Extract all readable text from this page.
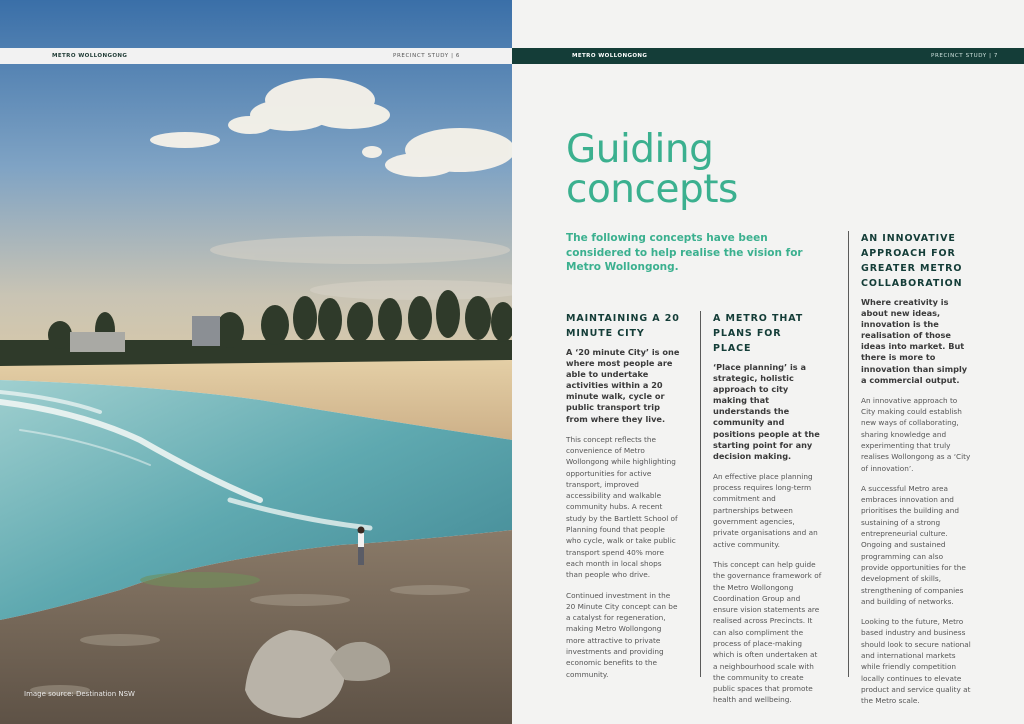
METRO WOLLONGONG	PRECINCT STUDY | 6
Image source: Destination NSW
METRO WOLLONGONG	PRECINCT STUDY | 7
Guiding
concepts

The following concepts have been considered to help realise the vision for Metro Wollongong.

MAINTAINING A 20 MINUTE CITY

A ‘20 minute City’ is one where most people are able to undertake activities within a 20 minute walk, cycle or public transport trip from where they live.

This concept reflects the convenience of Metro Wollongong while highlighting opportunities for active transport, improved accessibility and walkable community hubs. A recent study by the Bartlett School of Planning found that people who cycle, walk or take public transport spend 40% more each month in local shops than people who drive.

Continued investment in the 20 Minute City concept can be a catalyst for regeneration, making Metro Wollongong more attractive to private investments and providing economic benefits to the community.

A METRO THAT PLANS FOR PLACE

‘Place planning’ is a strategic, holistic approach to city making that understands the community and positions people at the starting point for any decision making.

An effective place planning process requires long-term commitment and partnerships between government agencies, private organisations and an active community.

This concept can help guide the governance framework of the Metro Wollongong Coordination Group and ensure vision statements are realised across Precincts. It can also compliment the process of place-making which is often undertaken at a neighbourhood scale with the community to create public spaces that promote health and wellbeing.

AN INNOVATIVE APPROACH FOR GREATER METRO COLLABORATION

Where creativity is about new ideas, innovation is the realisation of those ideas into market. But there is more to innovation than simply a commercial output.

An innovative approach to City making could establish new ways of collaborating, sharing knowledge and experimenting that truly realises Wollongong as a ‘City of innovation’.

A successful Metro area embraces innovation and prioritises the building and sustaining of a strong entrepreneurial culture. Ongoing and sustained programming can also provide opportunities for the development of skills, strengthening of companies and building of networks.

Looking to the future, Metro based industry and business should look to secure national and international markets while friendly competition locally continues to elevate product and service quality at the Metro scale.
